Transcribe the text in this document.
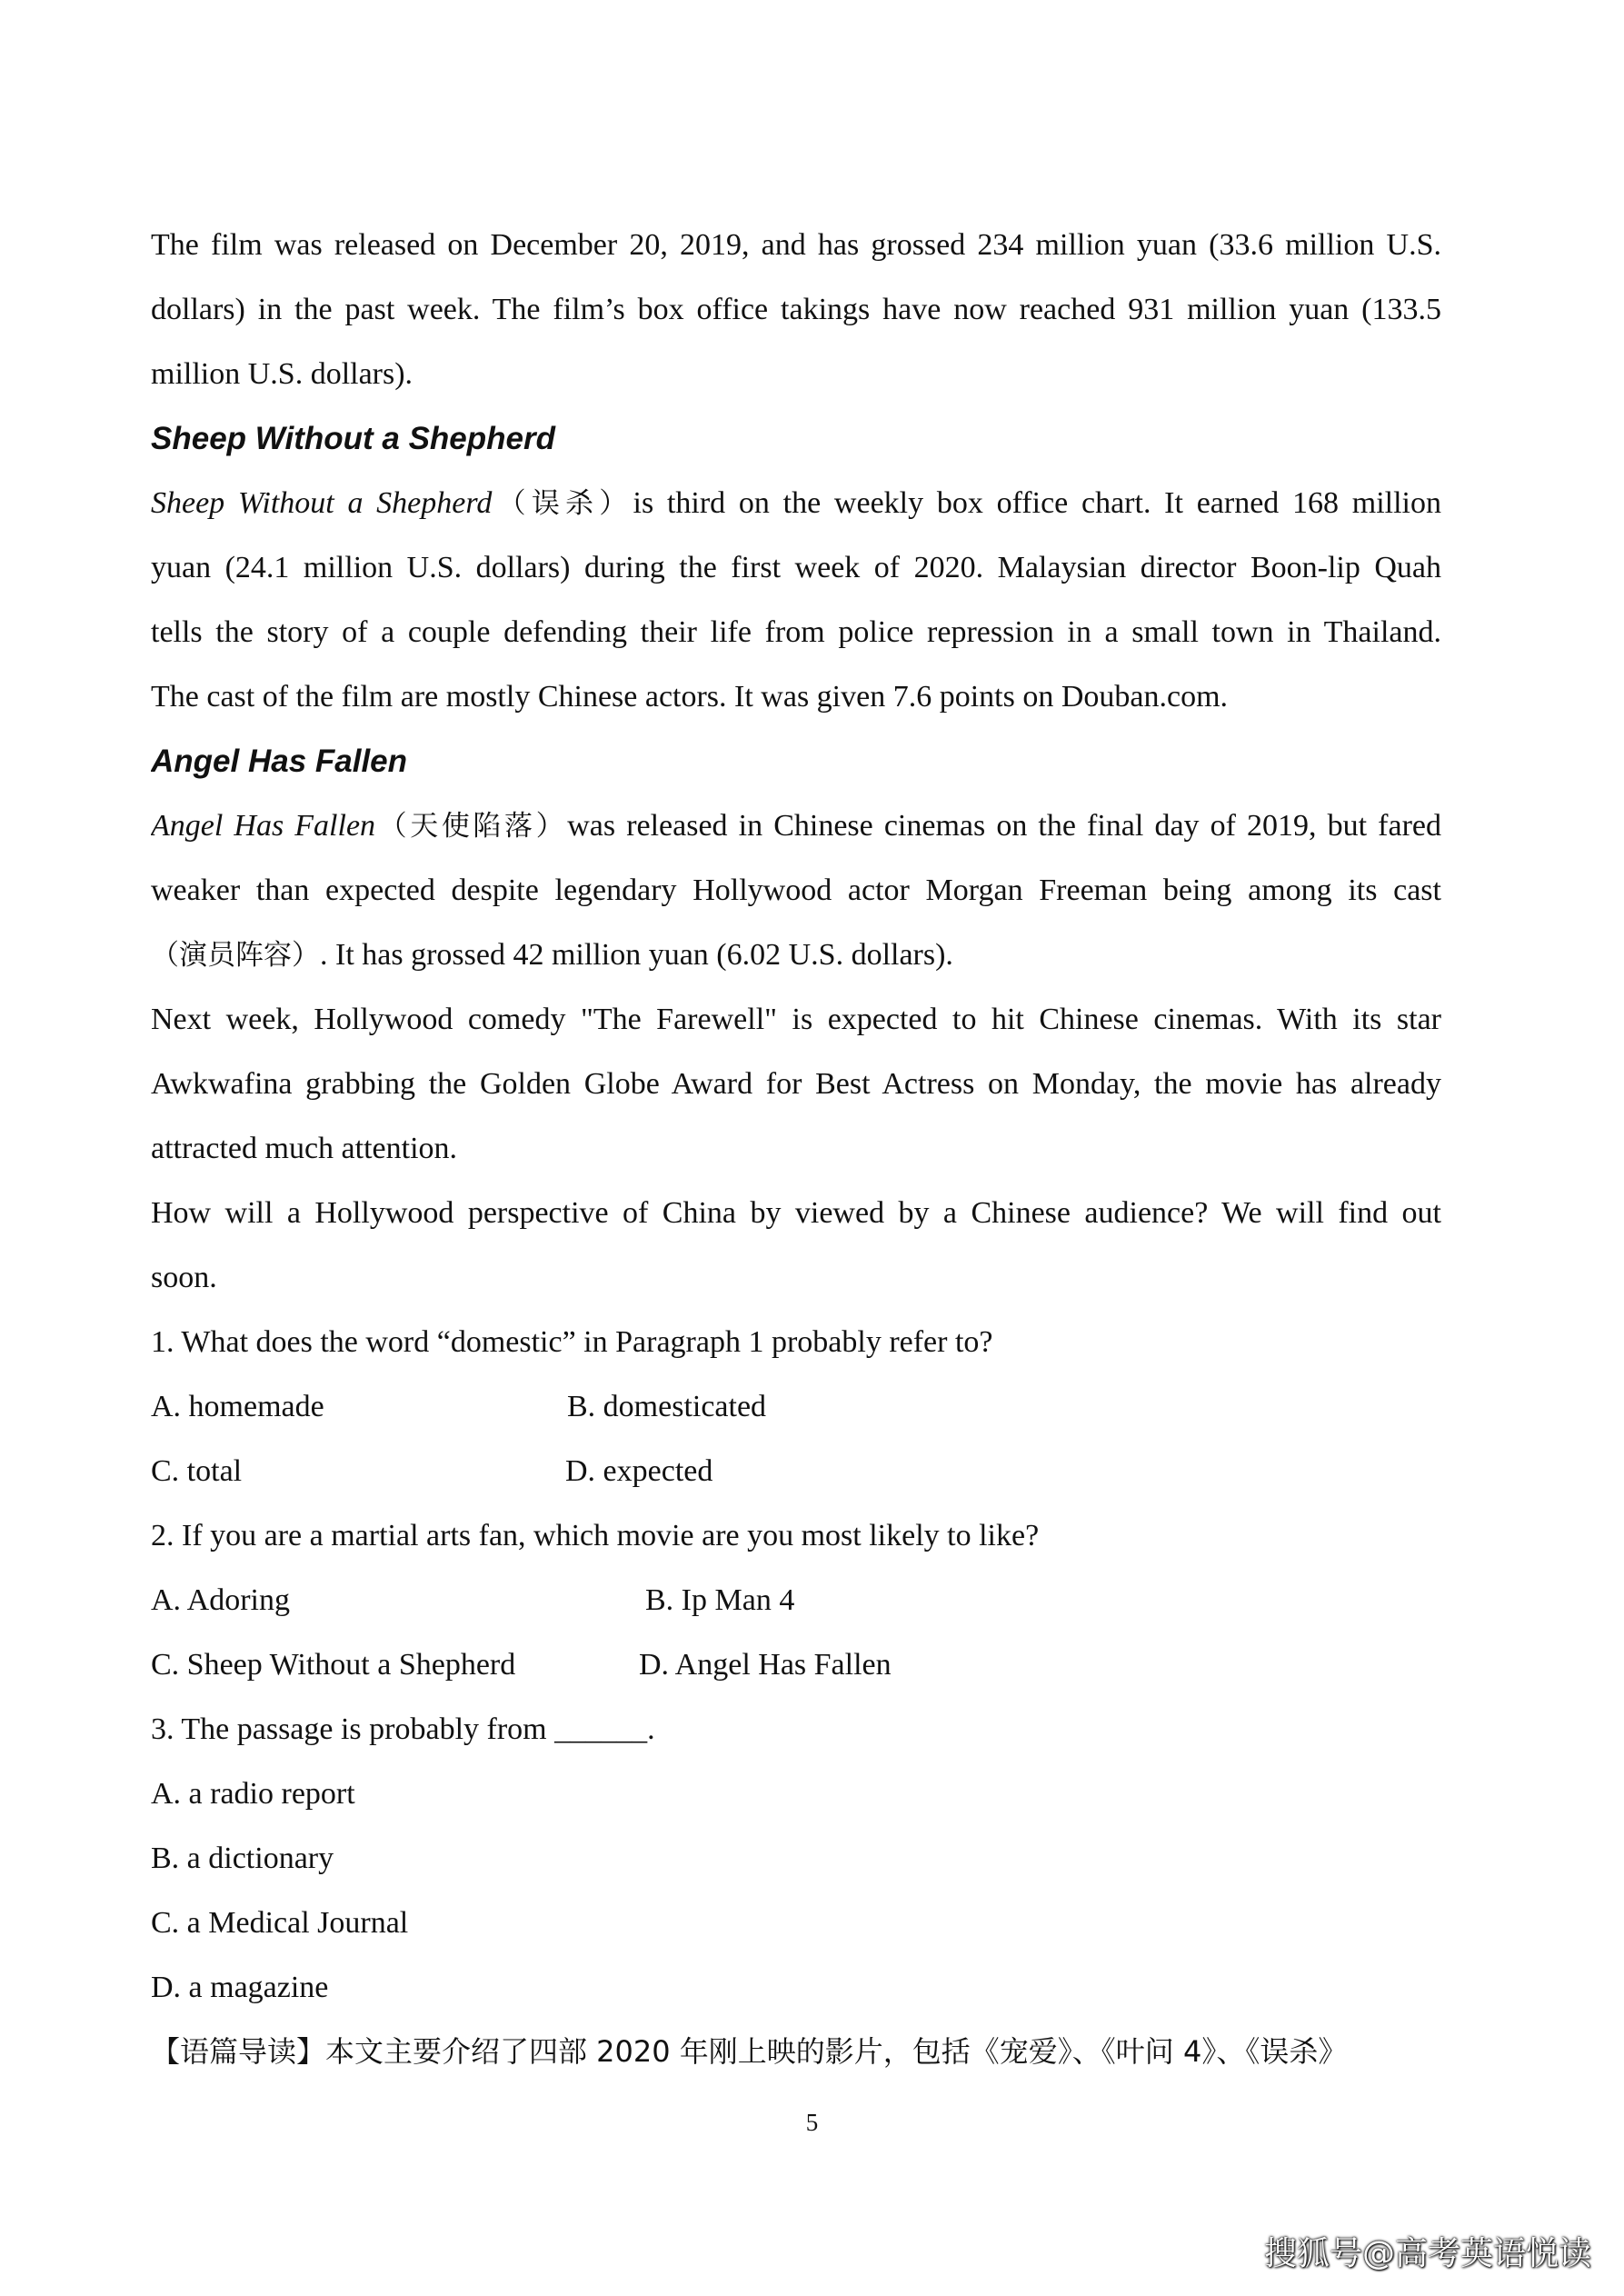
The film was released on December 20, 2019, and has grossed 234 million yuan (33.6 million U.S.
dollars) in the past week. The film’s box office takings have now reached 931 million yuan (133.5
million U.S. dollars).
Sheep Without a Shepherd
Sheep Without a Shepherd（误杀）is third on the weekly box office chart. It earned 168 million
yuan (24.1 million U.S. dollars) during the first week of 2020. Malaysian director Boon-lip Quah
tells the story of a couple defending their life from police repression in a small town in Thailand.
The cast of the film are mostly Chinese actors. It was given 7.6 points on Douban.com.
Angel Has Fallen
Angel Has Fallen（天使陷落）was released in Chinese cinemas on the final day of 2019, but fared
weaker than expected despite legendary Hollywood actor Morgan Freeman being among its cast
（演员阵容）. It has grossed 42 million yuan (6.02 U.S. dollars).
Next week, Hollywood comedy "The Farewell" is expected to hit Chinese cinemas. With its star
Awkwafina grabbing the Golden Globe Award for Best Actress on Monday, the movie has already
attracted much attention.
How will a Hollywood perspective of China by viewed by a Chinese audience? We will find out
soon.
1. What does the word “domestic” in Paragraph 1 probably refer to?
A. homemade	B. domesticated
C. total	D. expected
2. If you are a martial arts fan, which movie are you most likely to like?
A. Adoring	B. Ip Man 4
C. Sheep Without a Shepherd	D. Angel Has Fallen
3. The passage is probably from ______.
A. a radio report
B. a dictionary
C. a Medical Journal
D. a magazine
【语篇导读】本文主要介绍了四部 2020 年刚上映的影片，包括《宠爱》、《叶问 4》、《误杀》
5
搜狐号@高考英语悦读
